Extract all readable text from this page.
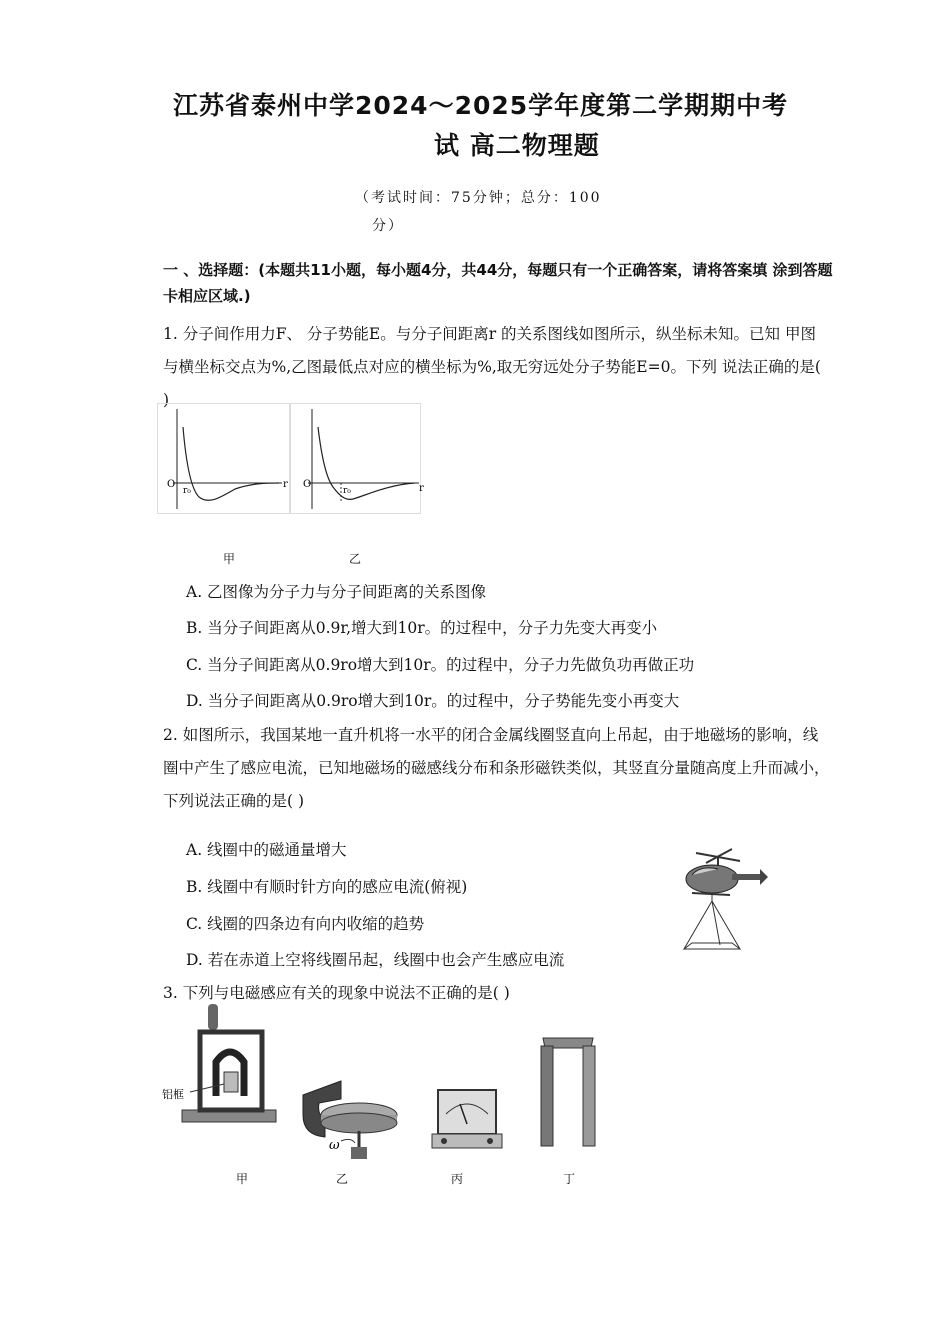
江苏省泰州中学2024～2025学年度第二学期期中考
试 高二物理题
（考试时间：75分钟；总分：100
分）
一 、选择题：(本题共11小题，每小题4分，共44分，每题只有一个正确答案，请将答案填 涂到答题卡相应区域.)
1. 分子间作用力F、 分子势能E。与分子间距离r 的关系图线如图所示，纵坐标未知。已知 甲图与横坐标交点为%,乙图最低点对应的横坐标为%,取无穷远处分子势能E=0。下列 说法正确的是( )
O
r₀
r O
r₀	r
甲	乙
A. 乙图像为分子力与分子间距离的关系图像
B. 当分子间距离从0.9r,增大到10r。的过程中，分子力先变大再变小
C. 当分子间距离从0.9ro增大到10r。的过程中，分子力先做负功再做正功
D. 当分子间距离从0.9ro增大到10r。的过程中，分子势能先变小再变大
2. 如图所示，我国某地一直升机将一水平的闭合金属线圈竖直向上吊起，由于地磁场的影响，线圈中产生了感应电流，已知地磁场的磁感线分布和条形磁铁类似，其竖直分量随高度上升而减小，下列说法正确的是( )
A. 线圈中的磁通量增大
B. 线圈中有顺时针方向的感应电流(俯视)
C. 线圈的四条边有向内收缩的趋势
D. 若在赤道上空将线圈吊起，线圈中也会产生感应电流
3. 下列与电磁感应有关的现象中说法不正确的是( )
铝框
ω
甲	乙	丙	丁
